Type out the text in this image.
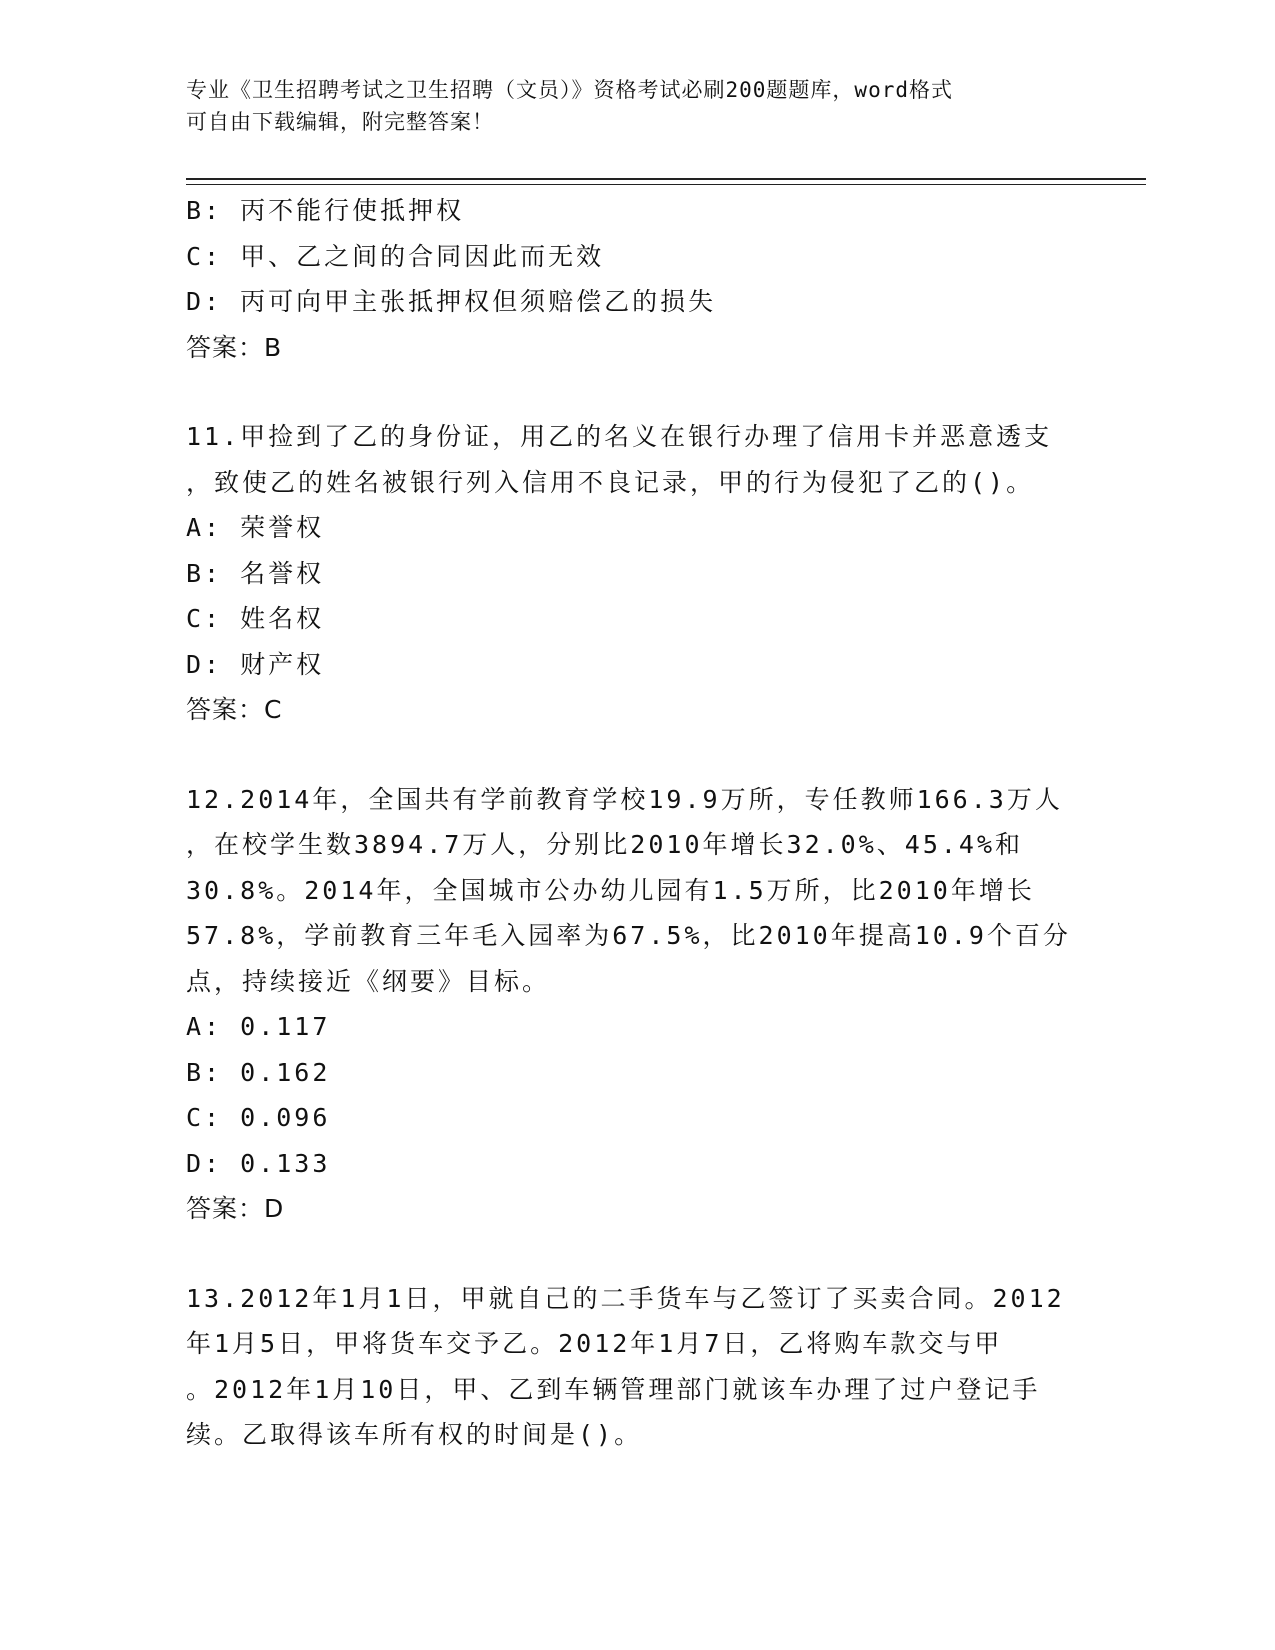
专业《卫生招聘考试之卫生招聘（文员）》资格考试必刷200题题库，word格式
可自由下载编辑，附完整答案！
B: 丙不能行使抵押权
C: 甲、乙之间的合同因此而无效
D: 丙可向甲主张抵押权但须赔偿乙的损失
答案：B
11.甲捡到了乙的身份证，用乙的名义在银行办理了信用卡并恶意透支
，致使乙的姓名被银行列入信用不良记录，甲的行为侵犯了乙的()。
A: 荣誉权
B: 名誉权
C: 姓名权
D: 财产权
答案：C
12.2014年，全国共有学前教育学校19.9万所，专任教师166.3万人
，在校学生数3894.7万人，分别比2010年增长32.0%、45.4%和
30.8%。2014年，全国城市公办幼儿园有1.5万所，比2010年增长
57.8%，学前教育三年毛入园率为67.5%，比2010年提高10.9个百分
点，持续接近《纲要》目标。
A: 0.117
B: 0.162
C: 0.096
D: 0.133
答案：D
13.2012年1月1日，甲就自己的二手货车与乙签订了买卖合同。2012
年1月5日，甲将货车交予乙。2012年1月7日，乙将购车款交与甲
。2012年1月10日，甲、乙到车辆管理部门就该车办理了过户登记手
续。乙取得该车所有权的时间是()。
